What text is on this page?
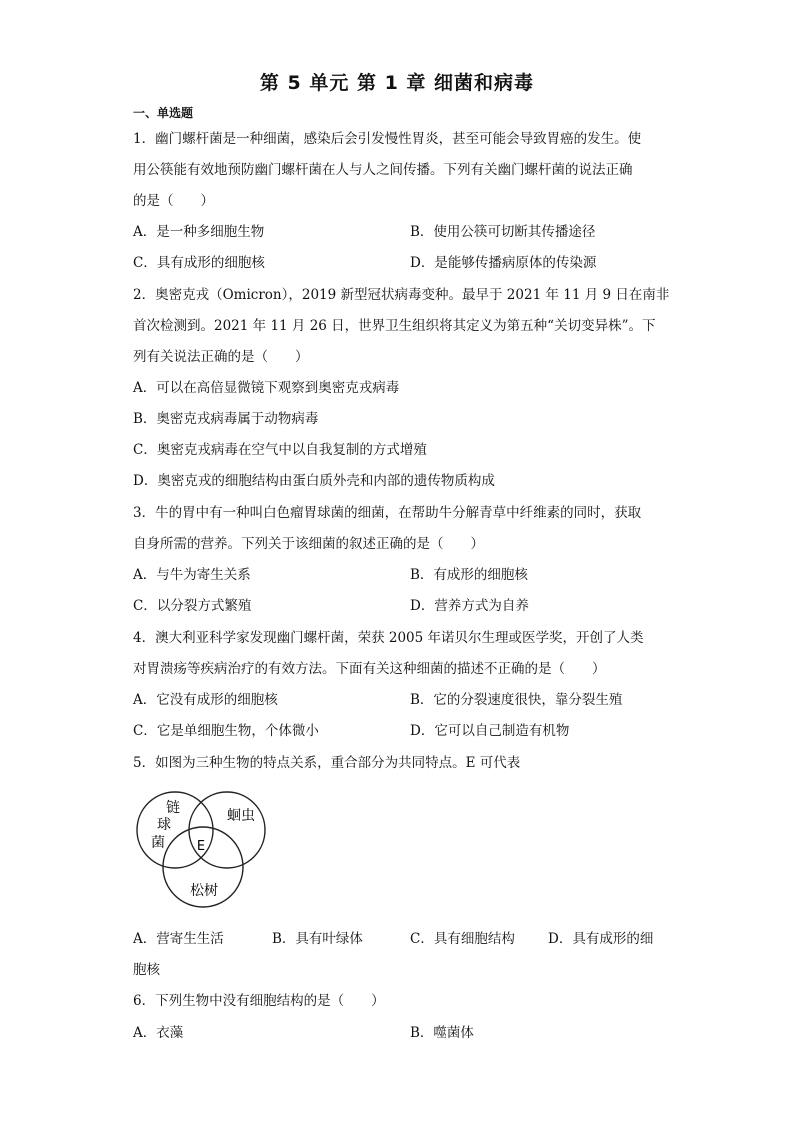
第 5 单元 第 1 章 细菌和病毒
一、单选题
1．幽门螺杆菌是一种细菌，感染后会引发慢性胃炎，甚至可能会导致胃癌的发生。使
用公筷能有效地预防幽门螺杆菌在人与人之间传播。下列有关幽门螺杆菌的说法正确
的是（　　）
A．是一种多细胞生物	B．使用公筷可切断其传播途径
C．具有成形的细胞核	D．是能够传播病原体的传染源
2．奥密克戎（Omicron），2019 新型冠状病毒变种。最早于 2021 年 11 月 9 日在南非
首次检测到。2021 年 11 月 26 日，世界卫生组织将其定义为第五种“关切变异株”。下
列有关说法正确的是（　　）
A．可以在高倍显微镜下观察到奥密克戎病毒
B．奥密克戎病毒属于动物病毒
C．奥密克戎病毒在空气中以自我复制的方式增殖
D．奥密克戎的细胞结构由蛋白质外壳和内部的遗传物质构成
3．牛的胃中有一种叫白色瘤胃球菌的细菌，在帮助牛分解青草中纤维素的同时，获取
自身所需的营养。下列关于该细菌的叙述正确的是（　　）
A．与牛为寄生关系	B．有成形的细胞核
C．以分裂方式繁殖	D．营养方式为自养
4．澳大利亚科学家发现幽门螺杆菌，荣获 2005 年诺贝尔生理或医学奖，开创了人类
对胃溃疡等疾病治疗的有效方法。下面有关这种细菌的描述不正确的是（　　）
A．它没有成形的细胞核	B．它的分裂速度很快，靠分裂生殖
C．它是单细胞生物，个体微小	D．它可以自己制造有机物
5．如图为三种生物的特点关系，重合部分为共同特点。E 可代表
链
球
菌
蛔虫
E
松树
A．营寄生生活	B．具有叶绿体	C．具有细胞结构 D．具有成形的细
胞核
6．下列生物中没有细胞结构的是（　　）
A．衣藻	B．噬菌体
